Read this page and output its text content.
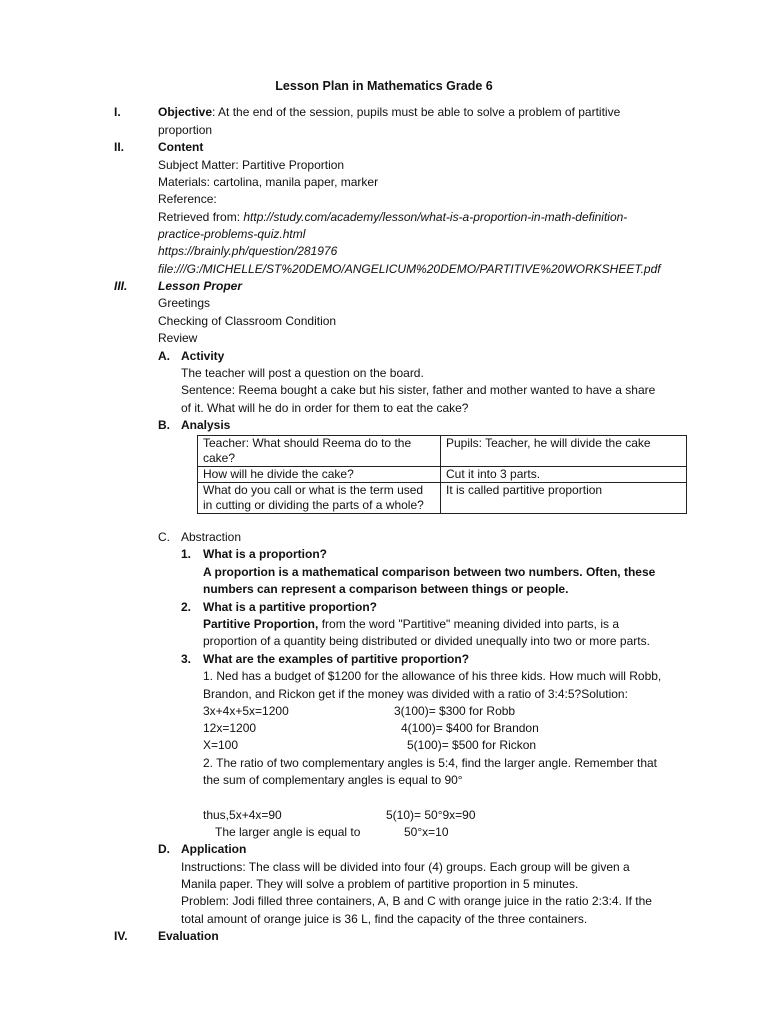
Lesson Plan in Mathematics Grade 6
I.	Objective: At the end of the session, pupils must be able to solve a problem of partitive
proportion
II.	Content
Subject Matter: Partitive Proportion
Materials: cartolina, manila paper, marker
Reference:
Retrieved from: http://study.com/academy/lesson/what-is-a-proportion-in-math-definition-
practice-problems-quiz.html
https://brainly.ph/question/281976
file:///G:/MICHELLE/ST%20DEMO/ANGELICUM%20DEMO/PARTITIVE%20WORKSHEET.pdf
III.	Lesson Proper
Greetings
Checking of Classroom Condition
Review
A. Activity
The teacher will post a question on the board.
Sentence: Reema bought a cake but his sister, father and mother wanted to have a share
of it. What will he do in order for them to eat the cake?
B. Analysis
Teacher: What should Reema do to the cake?	Pupils: Teacher, he will divide the cake
How will he divide the cake?	Cut it into 3 parts.
What do you call or what is the term used in cutting or dividing the parts of a whole?	It is called partitive proportion
C. Abstraction
1. What is a proportion?
A proportion is a mathematical comparison between two numbers. Often, these
numbers can represent a comparison between things or people.
2. What is a partitive proportion?
Partitive Proportion, from the word "Partitive" meaning divided into parts, is a
proportion of a quantity being distributed or divided unequally into two or more parts.
3. What are the examples of partitive proportion?
1. Ned has a budget of $1200 for the allowance of his three kids. How much will Robb,
Brandon, and Rickon get if the money was divided with a ratio of 3:4:5?Solution:
3x+4x+5x=1200	3(100)= $300 for Robb
12x=1200	4(100)= $400 for Brandon
X=100	5(100)= $500 for Rickon
2. The ratio of two complementary angles is 5:4, find the larger angle. Remember that
the sum of complementary angles is equal to 90°
thus,5x+4x=90	5(10)= 50°9x=90
The larger angle is equal to	50°x=10
D. Application
Instructions: The class will be divided into four (4) groups. Each group will be given a
Manila paper. They will solve a problem of partitive proportion in 5 minutes.
Problem: Jodi filled three containers, A, B and C with orange juice in the ratio 2:3:4. If the
total amount of orange juice is 36 L, find the capacity of the three containers.
IV.	Evaluation
